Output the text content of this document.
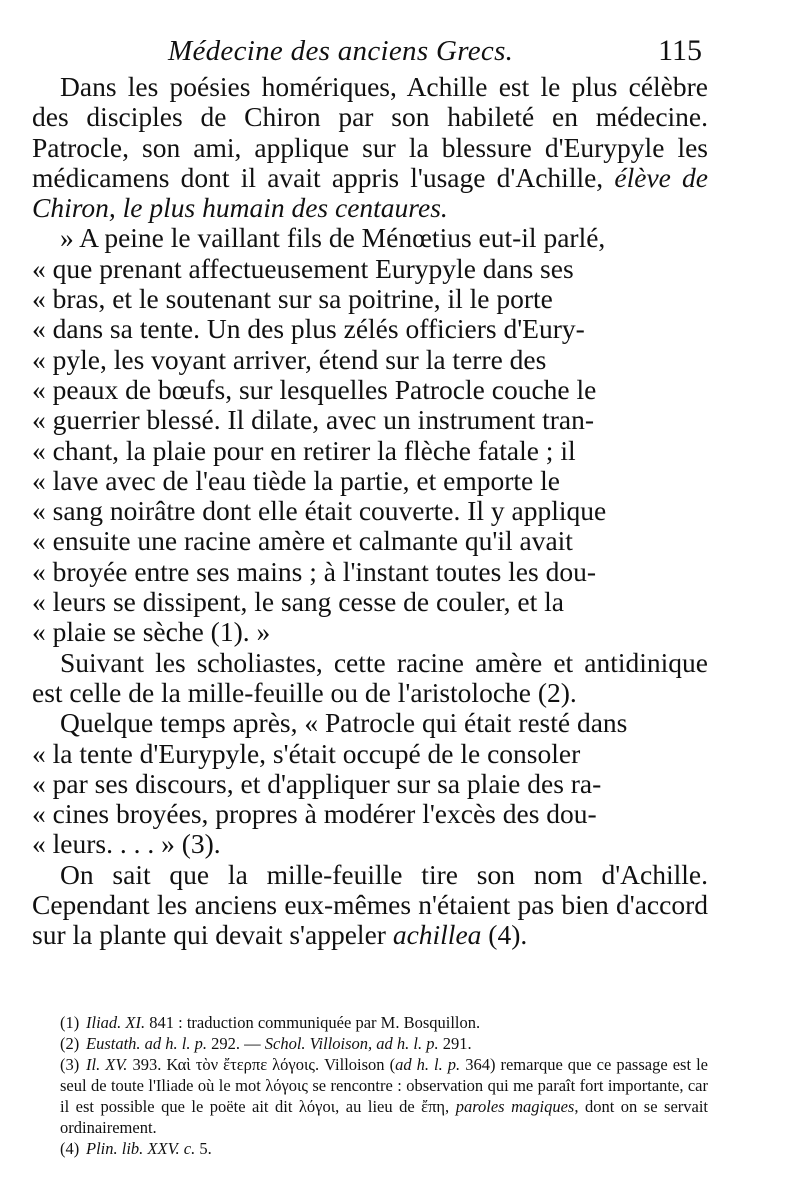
Médecine des anciens Grecs.	115

Dans les poésies homériques, Achille est le plus célèbre des disciples de Chiron par son habileté en médecine. Patrocle, son ami, applique sur la blessure d'Eurypyle les médicamens dont il avait appris l'usage d'Achille, élève de Chiron, le plus humain des centaures.

» A peine le vaillant fils de Ménœtius eut-il parlé,
« que prenant affectueusement Eurypyle dans ses
« bras, et le soutenant sur sa poitrine, il le porte
« dans sa tente. Un des plus zélés officiers d'Eury-
« pyle, les voyant arriver, étend sur la terre des
« peaux de bœufs, sur lesquelles Patrocle couche le
« guerrier blessé. Il dilate, avec un instrument tran-
« chant, la plaie pour en retirer la flèche fatale ; il
« lave avec de l'eau tiède la partie, et emporte le
« sang noirâtre dont elle était couverte. Il y applique
« ensuite une racine amère et calmante qu'il avait
« broyée entre ses mains ; à l'instant toutes les dou-
« leurs se dissipent, le sang cesse de couler, et la
« plaie se sèche (1). »

Suivant les scholiastes, cette racine amère et antidinique est celle de la mille-feuille ou de l'aristoloche (2).

Quelque temps après, « Patrocle qui était resté dans
« la tente d'Eurypyle, s'était occupé de le consoler
« par ses discours, et d'appliquer sur sa plaie des ra-
« cines broyées, propres à modérer l'excès des dou-
« leurs. . . . » (3).

On sait que la mille-feuille tire son nom d'Achille. Cependant les anciens eux-mêmes n'étaient pas bien d'accord sur la plante qui devait s'appeler achillea (4).

(1) Iliad. XI. 841 : traduction communiquée par M. Bosquillon.

(2) Eustath. ad h. l. p. 292. — Schol. Villoison, ad h. l. p. 291.

(3) Il. XV. 393. Καὶ τὸν ἔτερπε λόγοις. Villoison (ad h. l. p. 364) remarque que ce passage est le seul de toute l'Iliade où le mot λόγοις se rencontre : observation qui me paraît fort importante, car il est possible que le poëte ait dit λόγοι, au lieu de ἔπη, paroles magiques, dont on se servait ordinairement.

(4) Plin. lib. XXV. c. 5.
